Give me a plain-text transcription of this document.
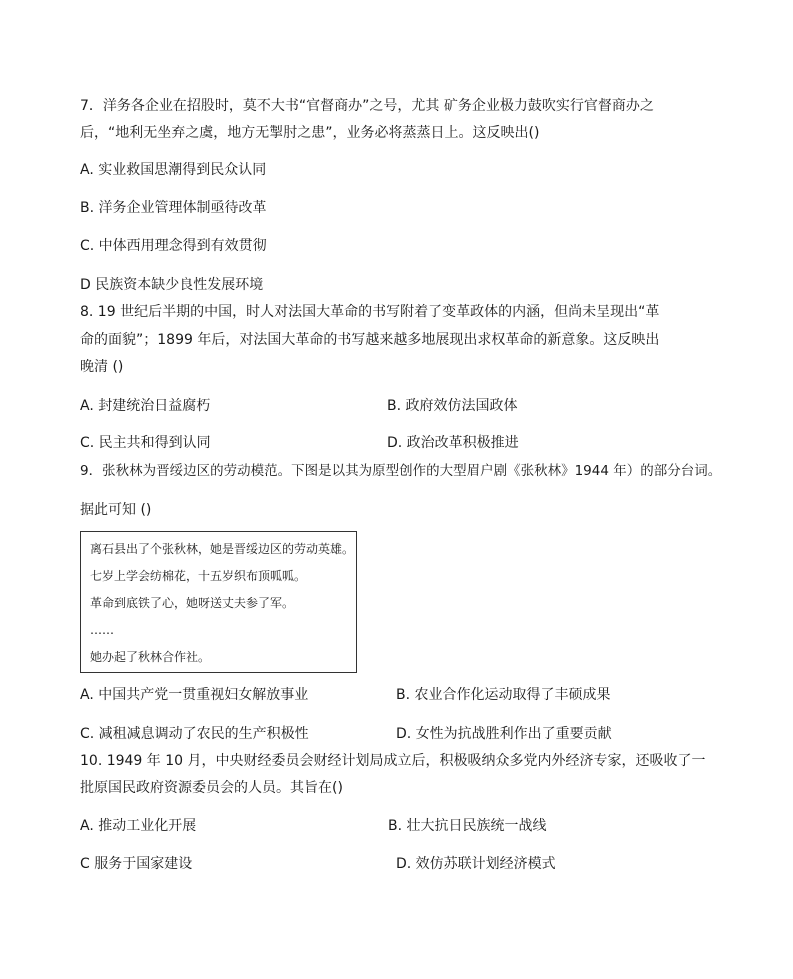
7．洋务各企业在招股时，莫不大书“官督商办”之号，尤其 矿务企业极力鼓吹实行官督商办之
后，“地利无坐弃之虞，地方无掣肘之患”，业务必将蒸蒸日上。这反映出()
A. 实业救国思潮得到民众认同
B. 洋务企业管理体制亟待改革
C. 中体西用理念得到有效贯彻
D 民族资本缺少良性发展环境
8. 19 世纪后半期的中国，时人对法国大革命的书写附着了变革政体的内涵，但尚未呈现出“革
命的面貌”；1899 年后，对法国大革命的书写越来越多地展现出求权革命的新意象。这反映出
晚清 ()
A. 封建统治日益腐朽	B. 政府效仿法国政体
C. 民主共和得到认同	D. 政治改革积极推进
9．张秋林为晋绥边区的劳动模范。下图是以其为原型创作的大型眉户剧《张秋林》1944 年）的部分台词。
据此可知 ()
离石县出了个张秋林，她是晋绥边区的劳动英雄。
七岁上学会纺棉花，十五岁织布顶呱呱。
革命到底铁了心，她呀送丈夫参了军。
……
她办起了秋林合作社。
A. 中国共产党一贯重视妇女解放事业	B. 农业合作化运动取得了丰硕成果
C. 减租减息调动了农民的生产积极性	D. 女性为抗战胜利作出了重要贡献
10. 1949 年 10 月，中央财经委员会财经计划局成立后，积极吸纳众多党内外经济专家，还吸收了一
批原国民政府资源委员会的人员。其旨在()
A. 推动工业化开展	B. 壮大抗日民族统一战线
C 服务于国家建设	D. 效仿苏联计划经济模式
